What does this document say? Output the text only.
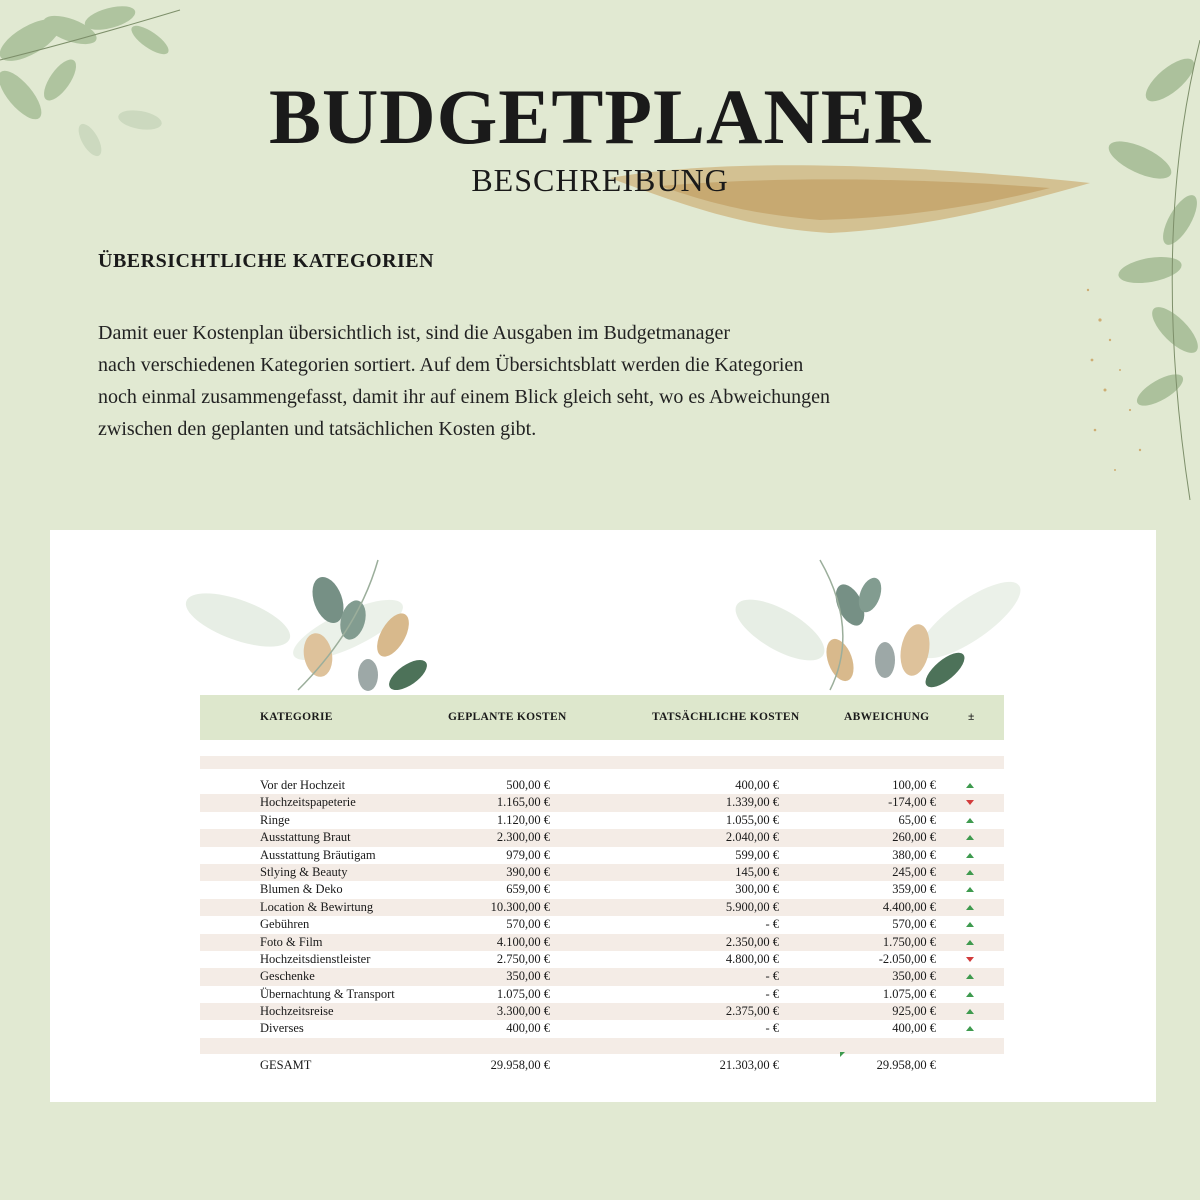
BUDGETPLANER
BESCHREIBUNG
ÜBERSICHTLICHE KATEGORIEN

Damit euer Kostenplan übersichtlich ist, sind die Ausgaben im Budgetmanager
nach verschiedenen Kategorien sortiert. Auf dem Übersichtsblatt werden die Kategorien
noch einmal zusammengefasst, damit ihr auf einem Blick gleich seht, wo es Abweichungen
zwischen den geplanten und tatsächlichen Kosten gibt.

KATEGORIE	GEPLANTE KOSTEN	TATSÄCHLICHE KOSTEN	ABWEICHUNG	±
Vor der Hochzeit	500,00 €	400,00 €	100,00 €
Hochzeitspapeterie	1.165,00 €	1.339,00 €	-174,00 €
Ringe	1.120,00 €	1.055,00 €	65,00 €
Ausstattung Braut	2.300,00 €	2.040,00 €	260,00 €
Ausstattung Bräutigam	979,00 €	599,00 €	380,00 €
Stlying & Beauty	390,00 €	145,00 €	245,00 €
Blumen & Deko	659,00 €	300,00 €	359,00 €
Location & Bewirtung	10.300,00 €	5.900,00 €	4.400,00 €
Gebühren	570,00 €	- €	570,00 €
Foto & Film	4.100,00 €	2.350,00 €	1.750,00 €
Hochzeitsdienstleister	2.750,00 €	4.800,00 €	-2.050,00 €
Geschenke	350,00 €	- €	350,00 €
Übernachtung & Transport	1.075,00 €	- €	1.075,00 €
Hochzeitsreise	3.300,00 €	2.375,00 €	925,00 €
Diverses	400,00 €	- €	400,00 €
GESAMT	29.958,00 €	21.303,00 €	29.958,00 €
